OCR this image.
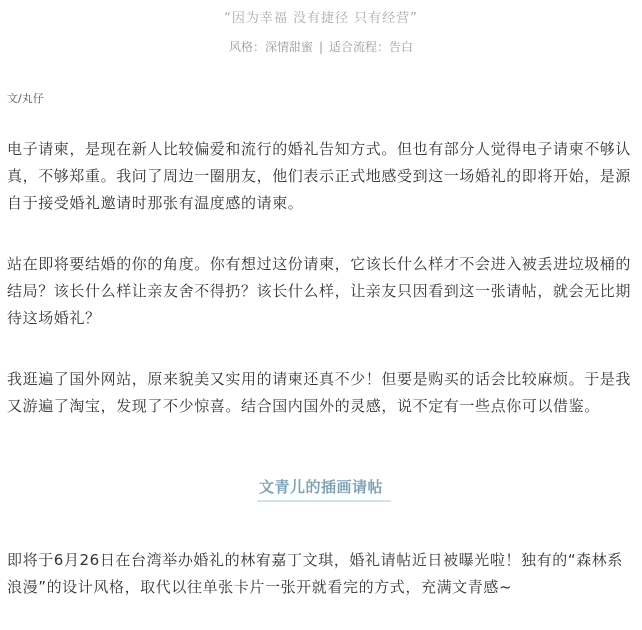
“因为幸福 没有捷径 只有经营”
风格：深情甜蜜 | 适合流程：告白
文/丸仔

电子请柬，是现在新人比较偏爱和流行的婚礼告知方式。但也有部分人觉得电子请柬不够认真，不够郑重。我问了周边一圈朋友，他们表示正式地感受到这一场婚礼的即将开始，是源自于接受婚礼邀请时那张有温度感的请柬。

站在即将要结婚的你的角度。你有想过这份请柬，它该长什么样才不会进入被丢进垃圾桶的结局？该长什么样让亲友舍不得扔？该长什么样，让亲友只因看到这一张请帖，就会无比期待这场婚礼？

我逛遍了国外网站，原来貌美又实用的请柬还真不少！但要是购买的话会比较麻烦。于是我又游遍了淘宝，发现了不少惊喜。结合国内国外的灵感，说不定有一些点你可以借鉴。

文青儿的插画请帖

即将于6月26日在台湾举办婚礼的林宥嘉丁文琪，婚礼请帖近日被曝光啦！独有的“森林系浪漫”的设计风格，取代以往单张卡片一张开就看完的方式，充满文青感~
